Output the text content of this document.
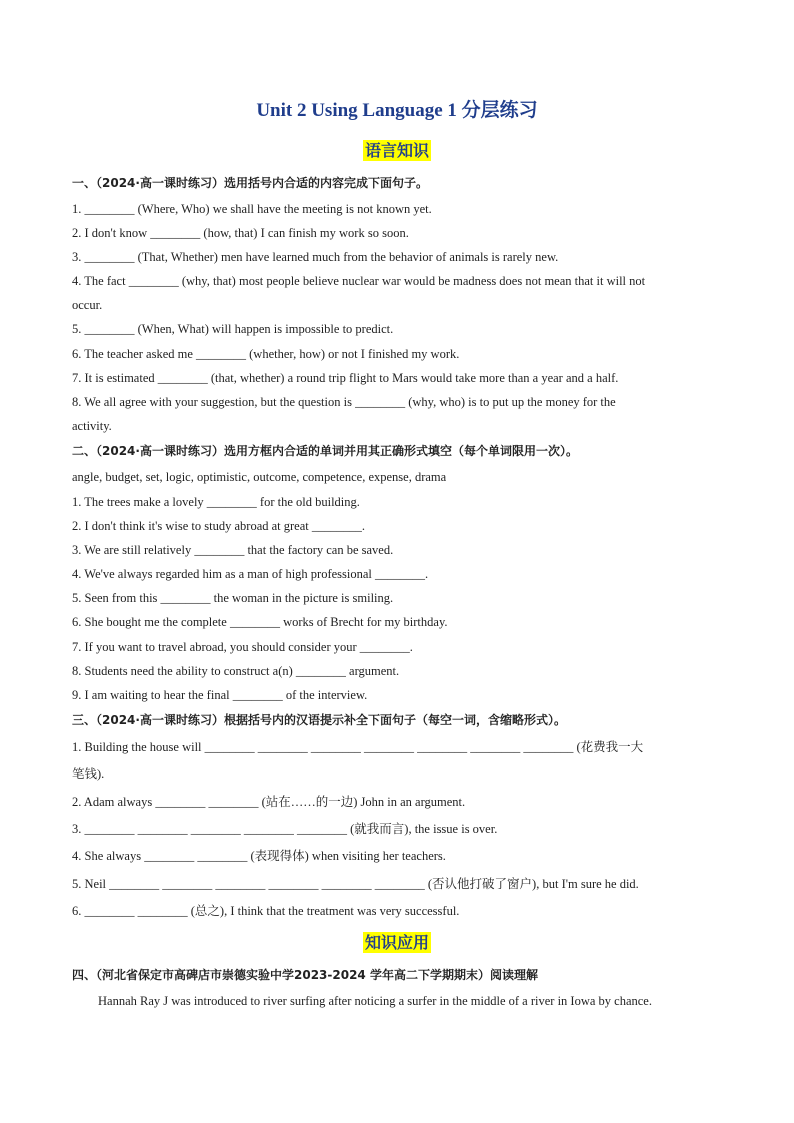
Unit 2 Using Language 1 分层练习
语言知识
一、（2024·高一课时练习）选用括号内合适的内容完成下面句子。
1. ________ (Where, Who) we shall have the meeting is not known yet.
2. I don't know ________ (how, that) I can finish my work so soon.
3. ________ (That, Whether) men have learned much from the behavior of animals is rarely new.
4. The fact ________ (why, that) most people believe nuclear war would be madness does not mean that it will not
occur.
5. ________ (When, What) will happen is impossible to predict.
6. The teacher asked me ________ (whether, how) or not I finished my work.
7. It is estimated ________ (that, whether) a round trip flight to Mars would take more than a year and a half.
8. We all agree with your suggestion, but the question is ________ (why, who) is to put up the money for the
activity.
二、（2024·高一课时练习）选用方框内合适的单词并用其正确形式填空（每个单词限用一次）。
angle, budget, set, logic, optimistic, outcome, competence, expense, drama
1. The trees make a lovely ________ for the old building.
2. I don't think it's wise to study abroad at great ________.
3. We are still relatively ________ that the factory can be saved.
4. We've always regarded him as a man of high professional ________.
5. Seen from this ________ the woman in the picture is smiling.
6. She bought me the complete ________ works of Brecht for my birthday.
7. If you want to travel abroad, you should consider your ________.
8. Students need the ability to construct a(n) ________ argument.
9. I am waiting to hear the final ________ of the interview.
三、（2024·高一课时练习）根据括号内的汉语提示补全下面句子（每空一词，含缩略形式）。
1. Building the house will ________ ________ ________ ________ ________ ________ ________ (花费我一大
笔钱).
2. Adam always ________ ________ (站在……的一边) John in an argument.
3. ________ ________ ________ ________ ________ (就我而言), the issue is over.
4. She always ________ ________ (表现得体) when visiting her teachers.
5. Neil ________ ________ ________ ________ ________ ________ (否认他打破了窗户), but I'm sure he did.
6. ________ ________ (总之), I think that the treatment was very successful.
知识应用
四、（河北省保定市高碑店市崇德实验中学2023-2024 学年高二下学期期末）阅读理解
Hannah Ray J was introduced to river surfing after noticing a surfer in the middle of a river in Iowa by chance.
